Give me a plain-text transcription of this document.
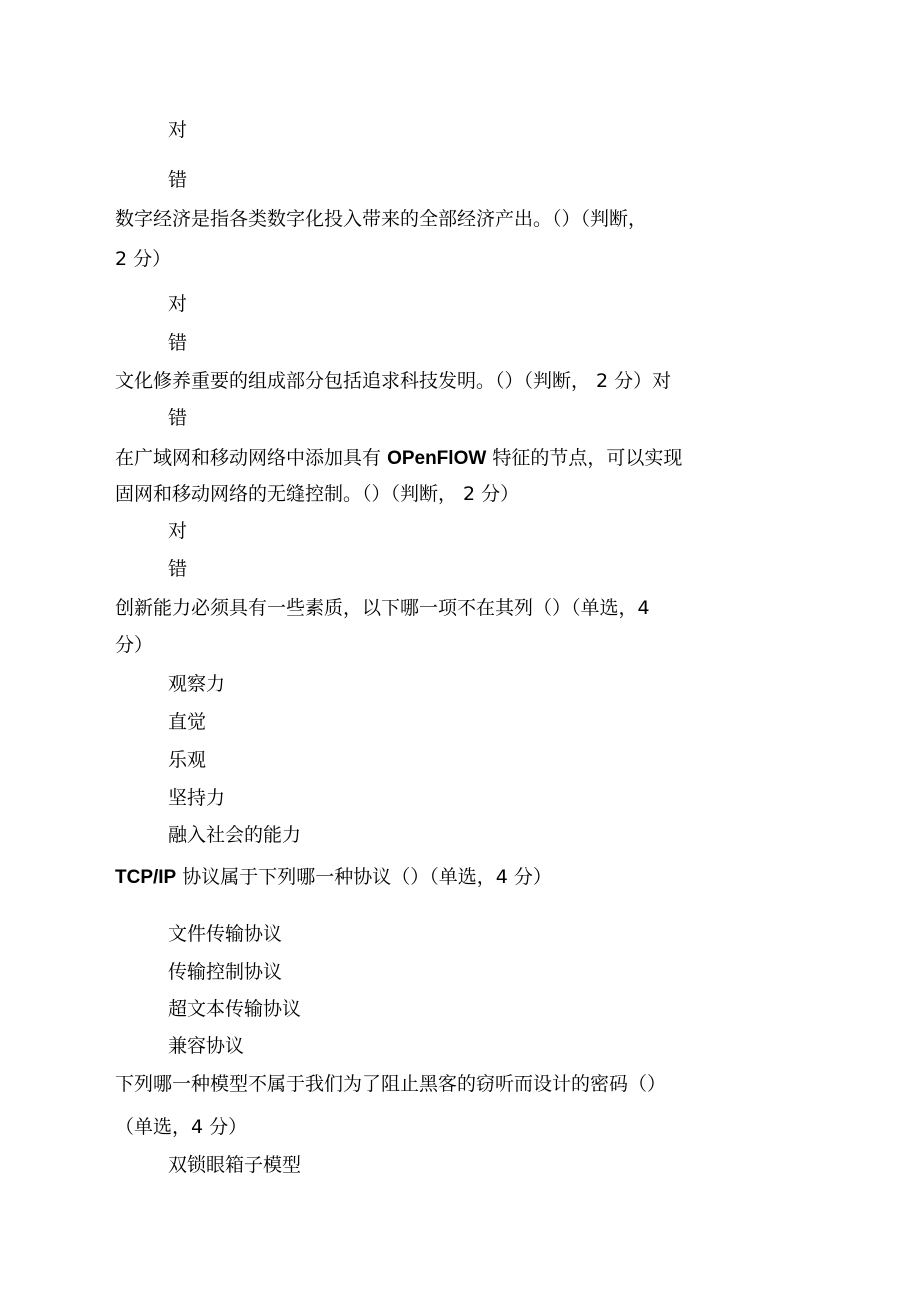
对
错
数字经济是指各类数字化投入带来的全部经济产出。（）（判断，
2 分）
对
错
文化修养重要的组成部分包括追求科技发明。（）（判断， 2 分）对
错
在广域网和移动网络中添加具有 OPenFlOW 特征的节点，可以实现
固网和移动网络的无缝控制。（）（判断， 2 分）
对
错
创新能力必须具有一些素质，以下哪一项不在其列（）（单选，4
分）
观察力
直觉
乐观
坚持力
融入社会的能力
TCP/IP 协议属于下列哪一种协议（）（单选，4 分）
文件传输协议
传输控制协议
超文本传输协议
兼容协议
下列哪一种模型不属于我们为了阻止黑客的窃听而设计的密码（）
（单选，4 分）
双锁眼箱子模型
